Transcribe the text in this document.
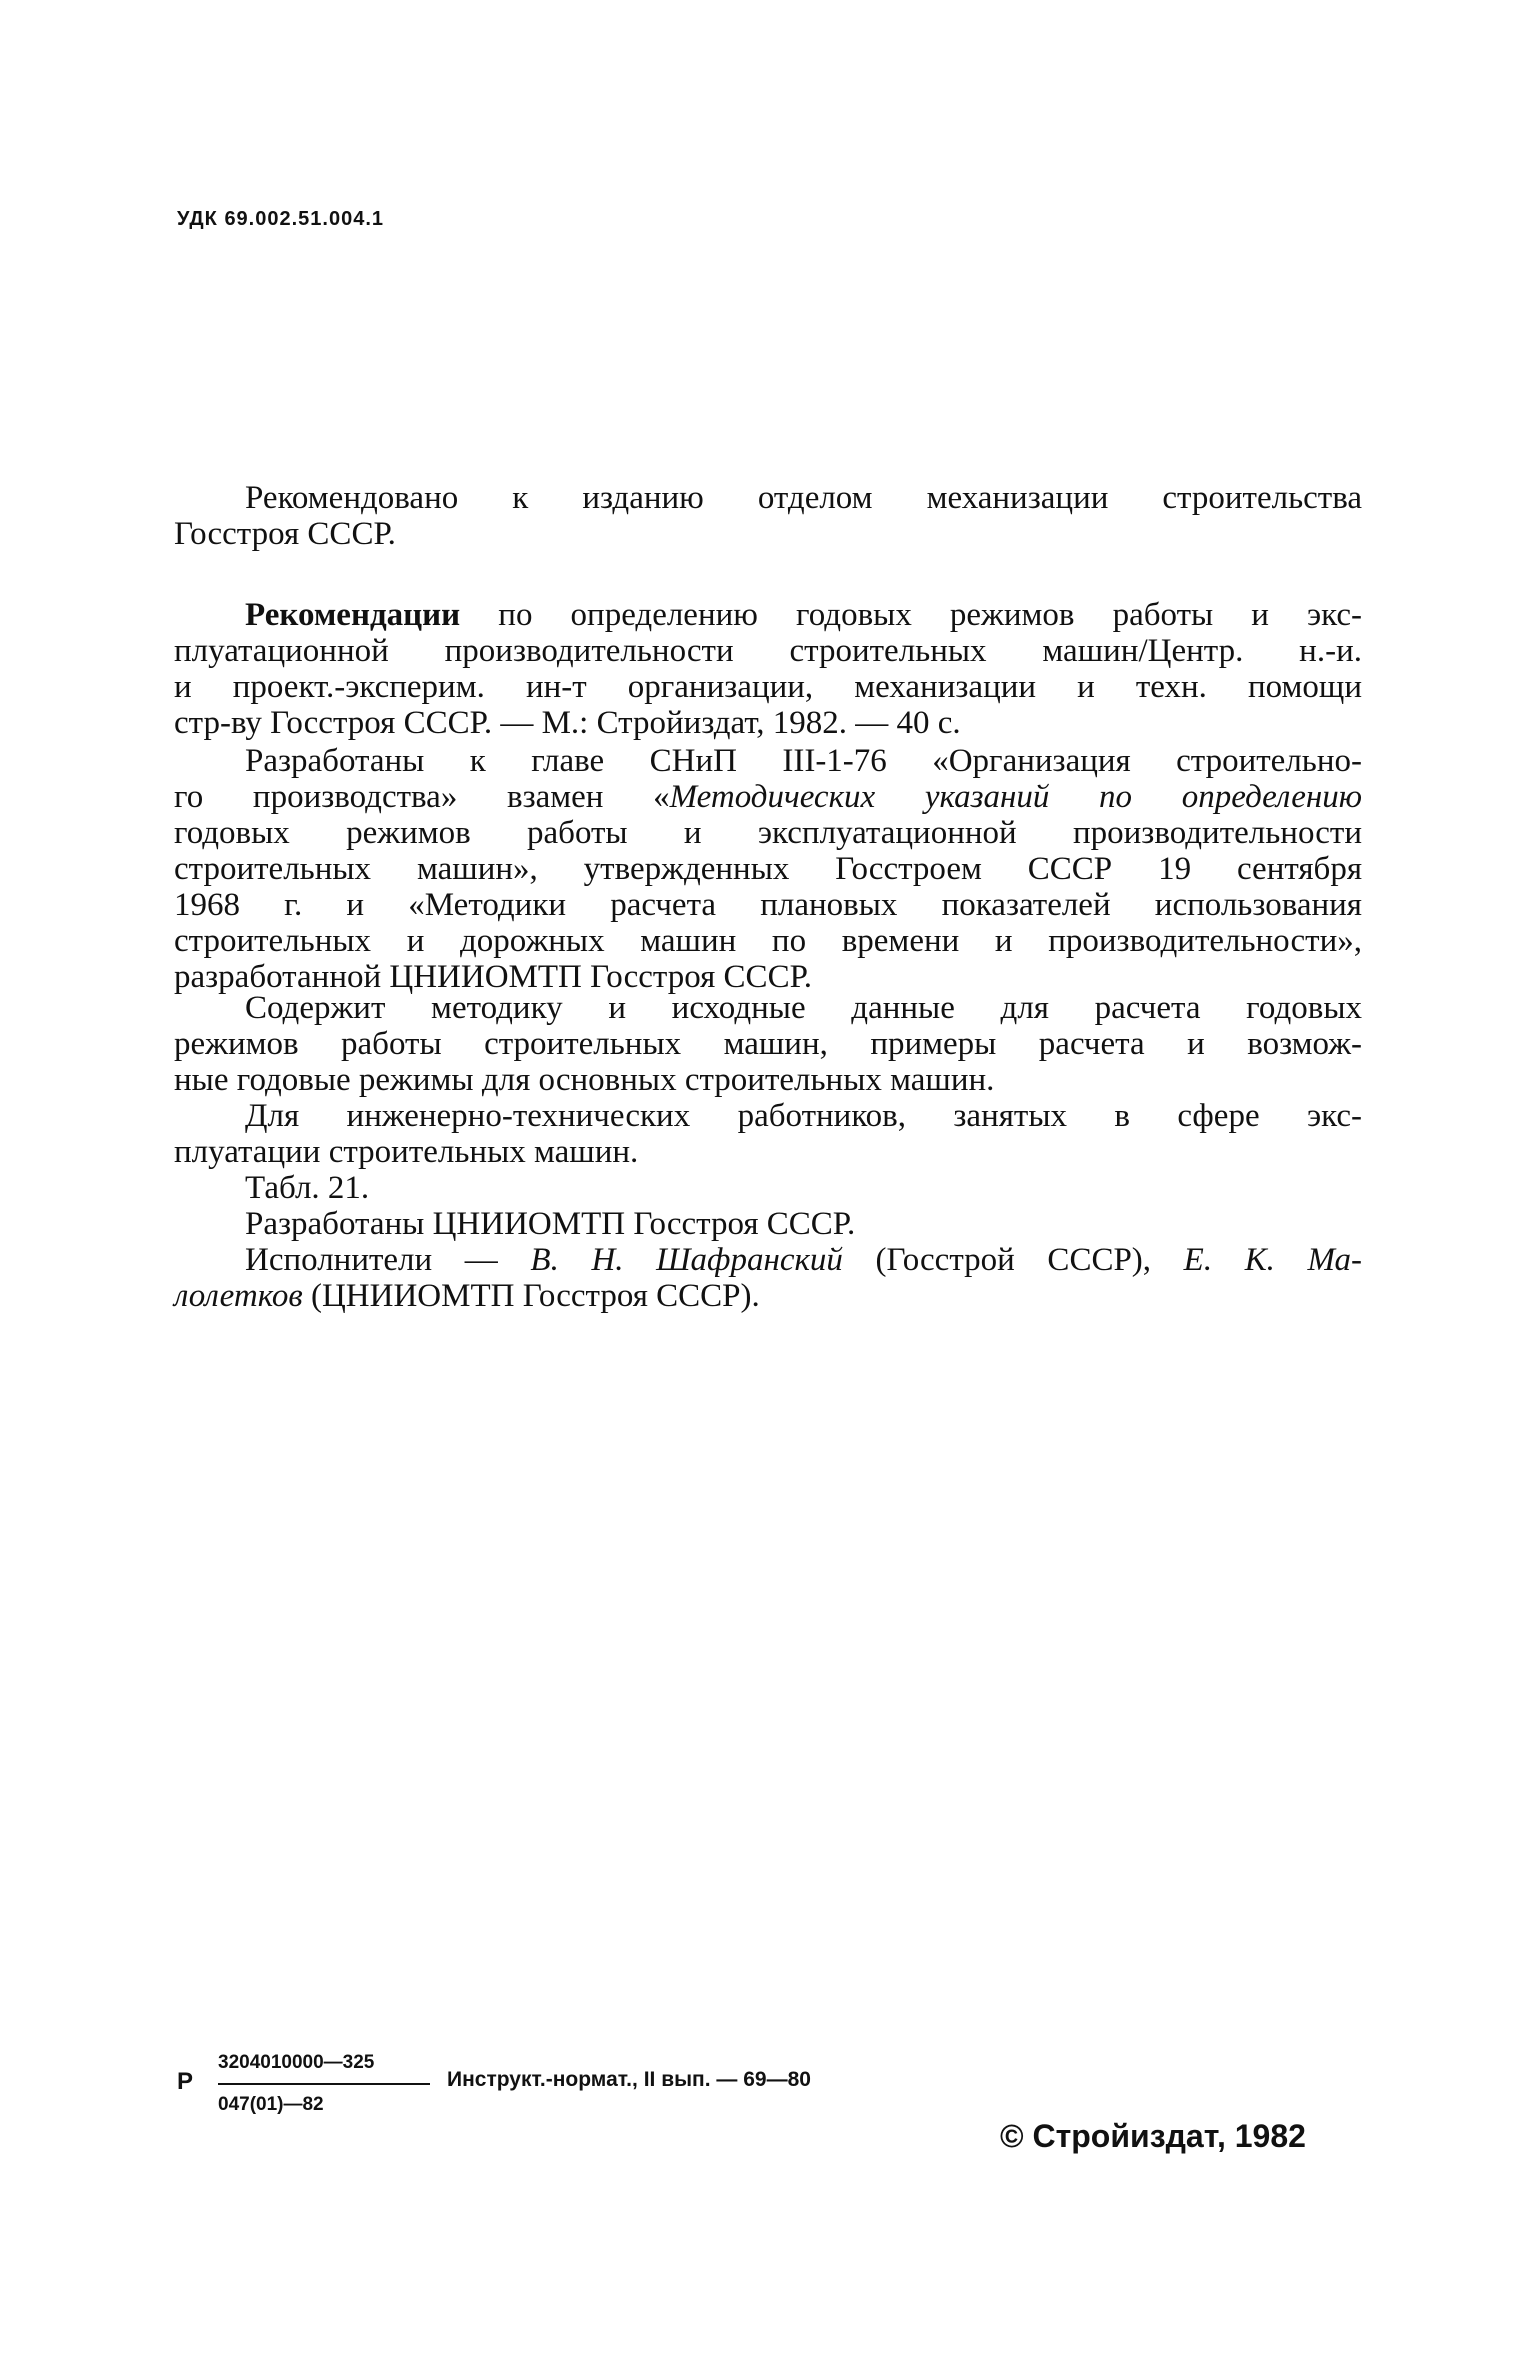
УДК 69.002.51.004.1
Рекомендовано к изданию отделом механизации строительства
Госстроя СССР.
Рекомендации по определению годовых режимов работы и экс-
плуатационной производительности строительных машин/Центр. н.-и.
и проект.-эксперим. ин-т организации, механизации и техн. помощи
стр-ву Госстроя СССР. — М.: Стройиздат, 1982. — 40 с.
Разработаны к главе СНиП III-1-76 «Организация строительно-
го производства» взамен «Методических указаний по определению
годовых режимов работы и эксплуатационной производительности
строительных машин», утвержденных Госстроем СССР 19 сентября
1968 г. и «Методики расчета плановых показателей использования
строительных и дорожных машин по времени и производительности»,
разработанной ЦНИИОМТП Госстроя СССР.
Содержит методику и исходные данные для расчета годовых
режимов работы строительных машин, примеры расчета и возмож-
ные годовые режимы для основных строительных машин.
Для инженерно-технических работников, занятых в сфере экс-
плуатации строительных машин.
Табл. 21.
Разработаны ЦНИИОМТП Госстроя СССР.
Исполнители — В. Н. Шафранский (Госстрой СССР), Е. К. Ма-
лолетков (ЦНИИОМТП Госстроя СССР).
Р
3204010000—325
047(01)—82
Инструкт.-нормат., II вып. — 69—80
© Стройиздат, 1982
